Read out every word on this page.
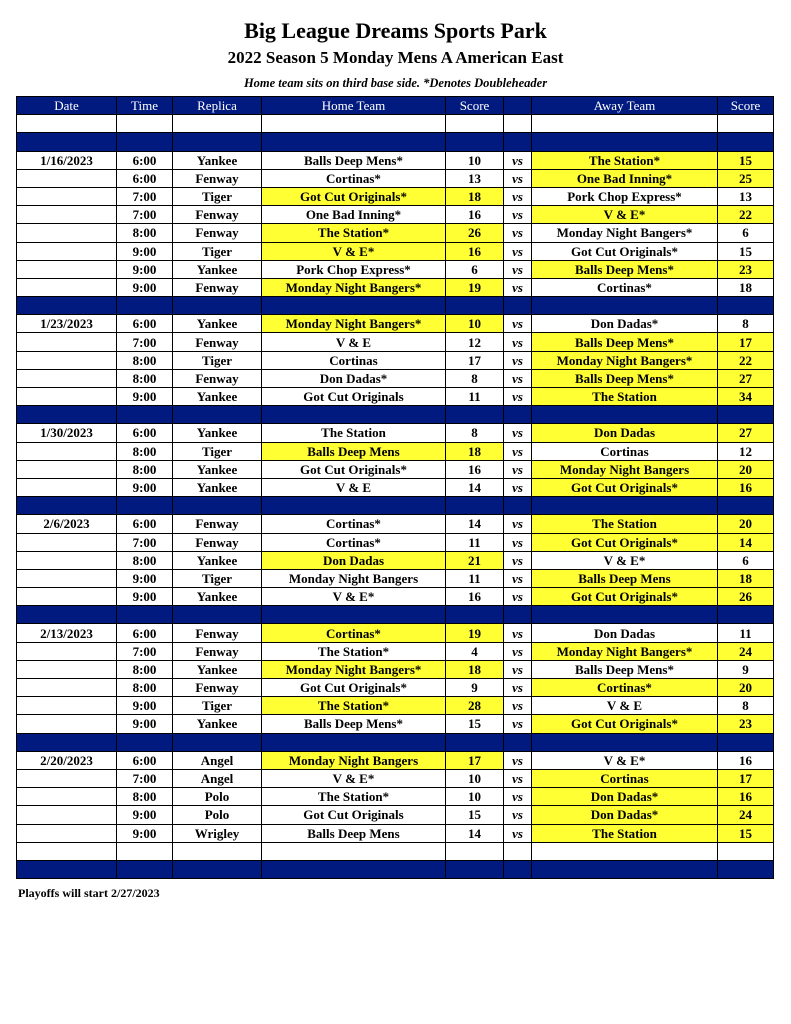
Big League Dreams Sports Park
2022 Season 5 Monday Mens A American East
Home team sits on third base side. *Denotes Doubleheader
Date	Time	Replica	Home Team	Score		Away Team	Score

1/16/2023	6:00	Yankee	Balls Deep Mens*	10	vs	The Station*	15
	6:00	Fenway	Cortinas*	13	vs	One Bad Inning*	25
	7:00	Tiger	Got Cut Originals*	18	vs	Pork Chop Express*	13
	7:00	Fenway	One Bad Inning*	16	vs	V & E*	22
	8:00	Fenway	The Station*	26	vs	Monday Night Bangers*	6
	9:00	Tiger	V & E*	16	vs	Got Cut Originals*	15
	9:00	Yankee	Pork Chop Express*	6	vs	Balls Deep Mens*	23
	9:00	Fenway	Monday Night Bangers*	19	vs	Cortinas*	18

1/23/2023	6:00	Yankee	Monday Night Bangers*	10	vs	Don Dadas*	8
	7:00	Fenway	V & E	12	vs	Balls Deep Mens*	17
	8:00	Tiger	Cortinas	17	vs	Monday Night Bangers*	22
	8:00	Fenway	Don Dadas*	8	vs	Balls Deep Mens*	27
	9:00	Yankee	Got Cut Originals	11	vs	The Station	34

1/30/2023	6:00	Yankee	The Station	8	vs	Don Dadas	27
	8:00	Tiger	Balls Deep Mens	18	vs	Cortinas	12
	8:00	Yankee	Got Cut Originals*	16	vs	Monday Night Bangers	20
	9:00	Yankee	V & E	14	vs	Got Cut Originals*	16

2/6/2023	6:00	Fenway	Cortinas*	14	vs	The Station	20
	7:00	Fenway	Cortinas*	11	vs	Got Cut Originals*	14
	8:00	Yankee	Don Dadas	21	vs	V & E*	6
	9:00	Tiger	Monday Night Bangers	11	vs	Balls Deep Mens	18
	9:00	Yankee	V & E*	16	vs	Got Cut Originals*	26

2/13/2023	6:00	Fenway	Cortinas*	19	vs	Don Dadas	11
	7:00	Fenway	The Station*	4	vs	Monday Night Bangers*	24
	8:00	Yankee	Monday Night Bangers*	18	vs	Balls Deep Mens*	9
	8:00	Fenway	Got Cut Originals*	9	vs	Cortinas*	20
	9:00	Tiger	The Station*	28	vs	V & E	8
	9:00	Yankee	Balls Deep Mens*	15	vs	Got Cut Originals*	23

2/20/2023	6:00	Angel	Monday Night Bangers	17	vs	V & E*	16
	7:00	Angel	V & E*	10	vs	Cortinas	17
	8:00	Polo	The Station*	10	vs	Don Dadas*	16
	9:00	Polo	Got Cut Originals	15	vs	Don Dadas*	24
	9:00	Wrigley	Balls Deep Mens	14	vs	The Station	15

Playoffs will start 2/27/2023
